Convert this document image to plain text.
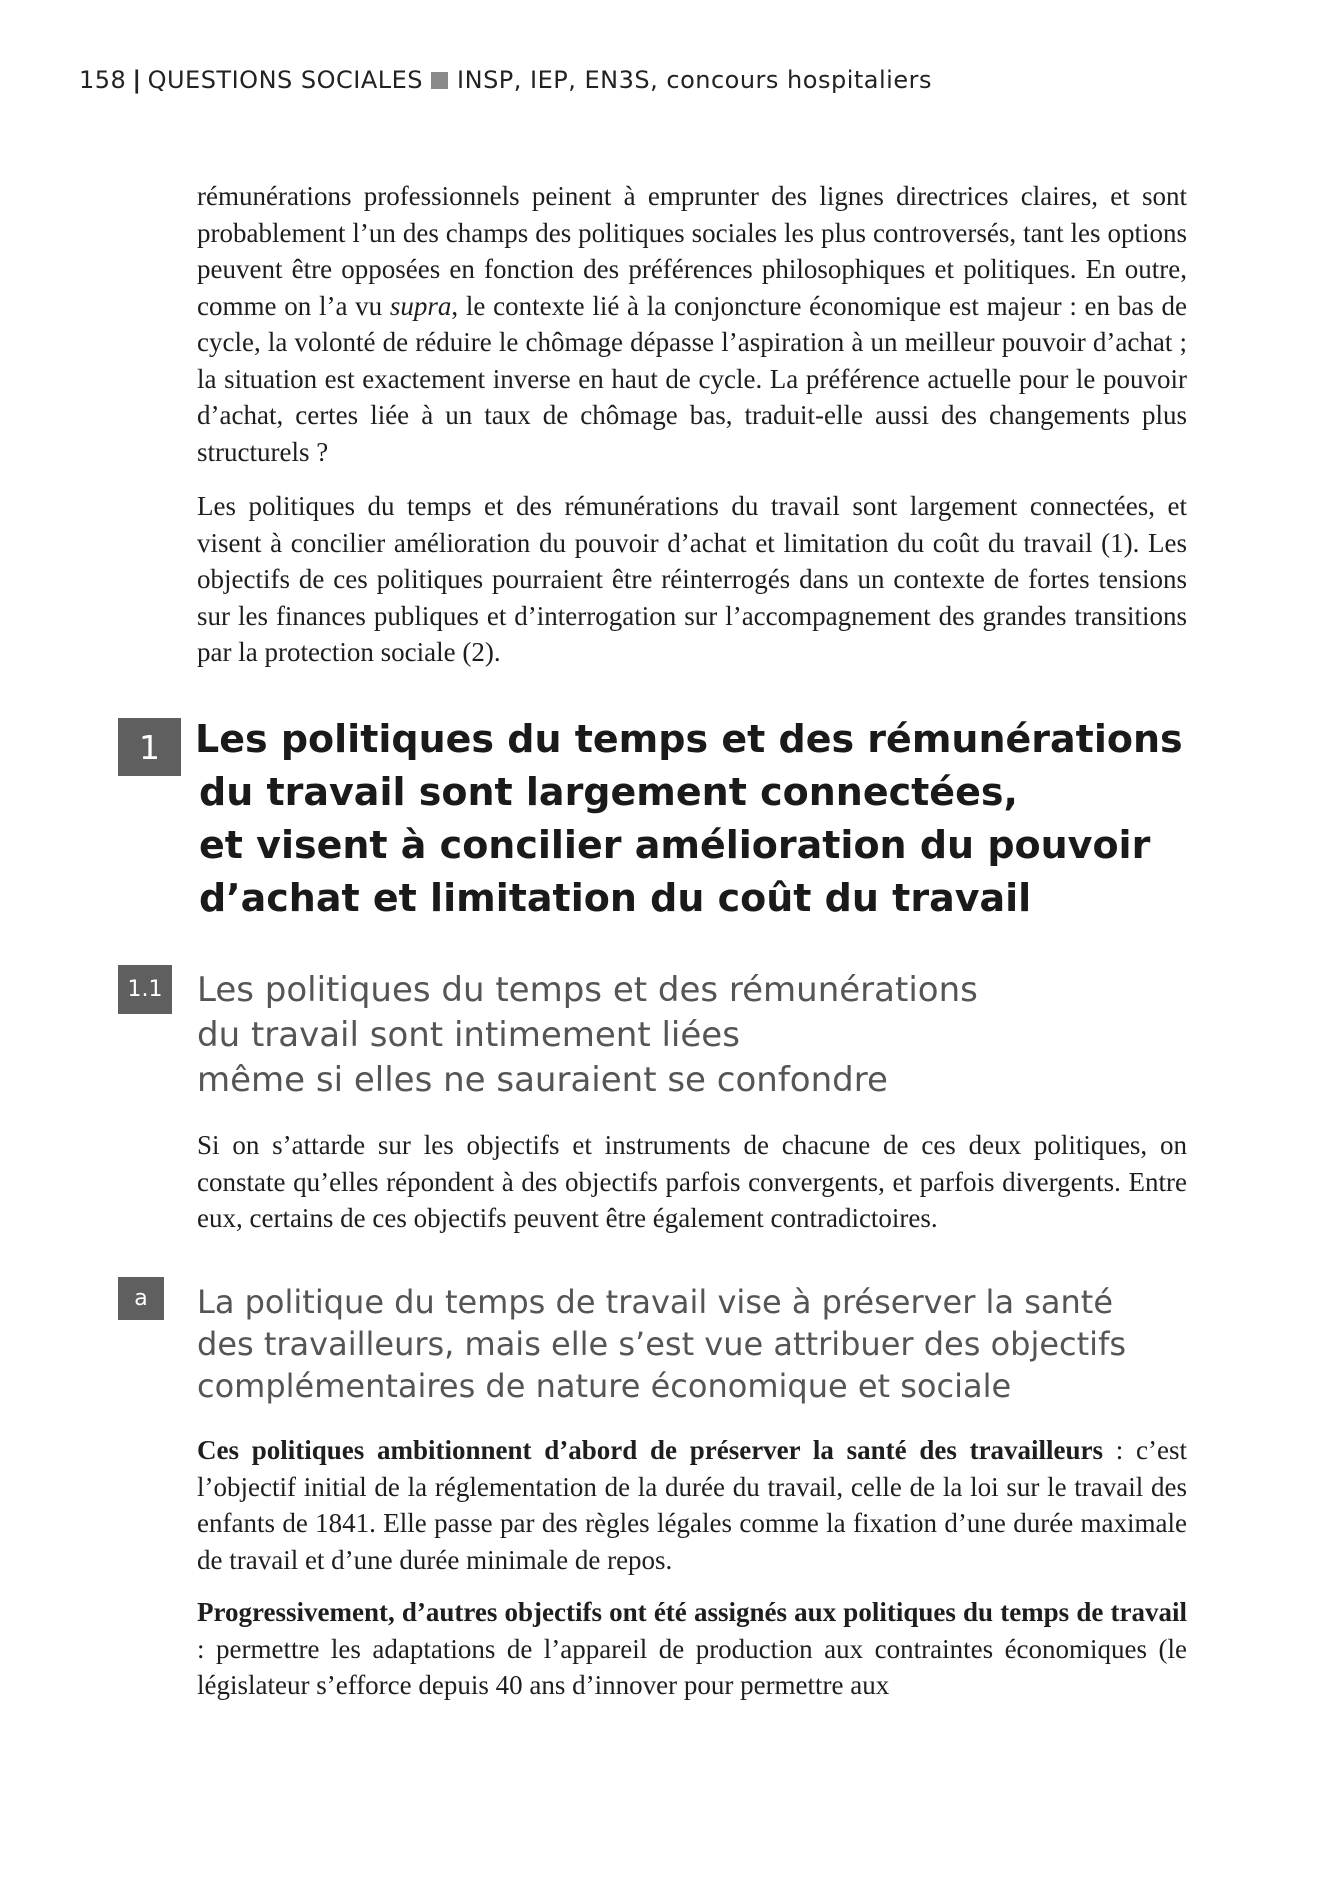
158 | QUESTIONS SOCIALES INSP, IEP, EN3S, concours hospitaliers

rémunérations professionnels peinent à emprunter des lignes directrices claires, et sont probablement l’un des champs des politiques sociales les plus controversés, tant les options peuvent être opposées en fonction des préférences philosophiques et politiques. En outre, comme on l’a vu supra, le contexte lié à la conjoncture économique est majeur : en bas de cycle, la volonté de réduire le chômage dépasse l’aspiration à un meilleur pouvoir d’achat ; la situation est exactement inverse en haut de cycle. La préférence actuelle pour le pouvoir d’achat, certes liée à un taux de chômage bas, traduit-elle aussi des changements plus structurels ?

Les politiques du temps et des rémunérations du travail sont largement connectées, et visent à concilier amélioration du pouvoir d’achat et limitation du coût du travail (1). Les objectifs de ces politiques pourraient être réinterrogés dans un contexte de fortes tensions sur les finances publiques et d’interrogation sur l’accompagnement des grandes transitions par la protection sociale (2).

1 Les politiques du temps et des rémunérations
du travail sont largement connectées,
et visent à concilier amélioration du pouvoir
d’achat et limitation du coût du travail
1.1 Les politiques du temps et des rémunérations
du travail sont intimement liées
même si elles ne sauraient se confondre

Si on s’attarde sur les objectifs et instruments de chacune de ces deux politiques, on constate qu’elles répondent à des objectifs parfois convergents, et parfois divergents. Entre eux, certains de ces objectifs peuvent être également contradictoires.

a La politique du temps de travail vise à préserver la santé
des travailleurs, mais elle s’est vue attribuer des objectifs
complémentaires de nature économique et sociale

Ces politiques ambitionnent d’abord de préserver la santé des travailleurs : c’est l’objectif initial de la réglementation de la durée du travail, celle de la loi sur le travail des enfants de 1841. Elle passe par des règles légales comme la fixation d’une durée maximale de travail et d’une durée minimale de repos.

Progressivement, d’autres objectifs ont été assignés aux politiques du temps de travail : permettre les adaptations de l’appareil de production aux contraintes économiques (le législateur s’efforce depuis 40 ans d’innover pour permettre aux
